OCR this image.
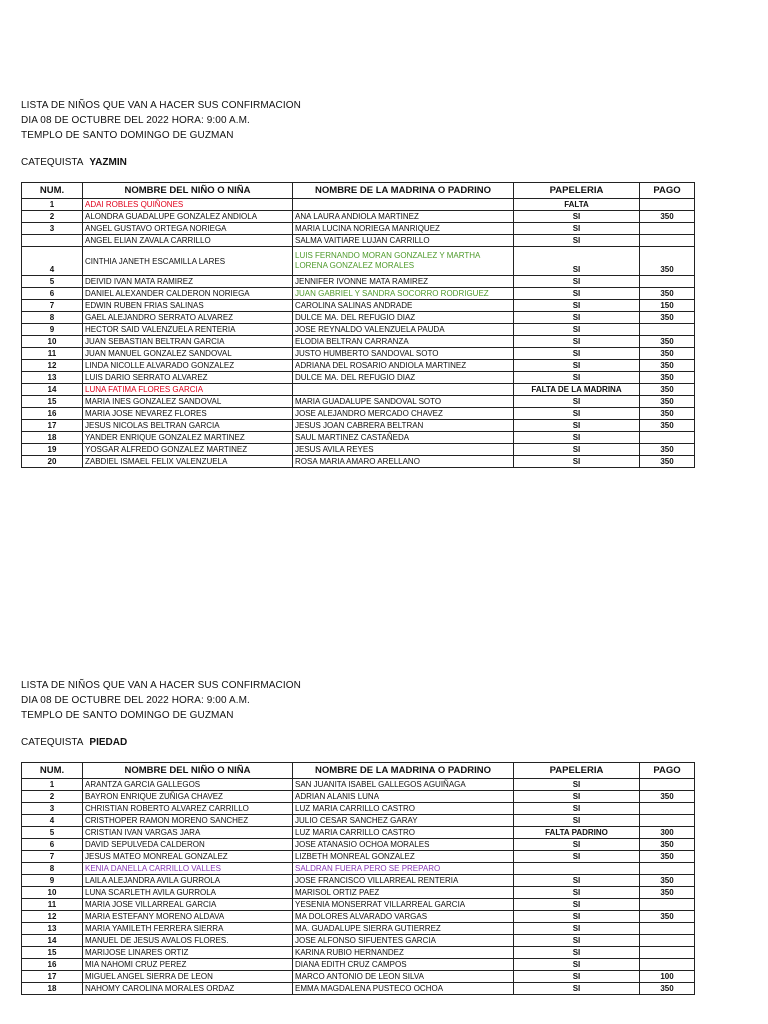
LISTA DE NIÑOS QUE VAN A HACER SUS CONFIRMACION
DIA 08 DE OCTUBRE DEL 2022 HORA: 9:00 A.M.
TEMPLO DE SANTO DOMINGO DE GUZMAN
CATEQUISTA YAZMIN
NUM.	NOMBRE DEL NIÑO O NIÑA	NOMBRE DE LA MADRINA O PADRINO	PAPELERIA	PAGO
1	ADAI ROBLES QUIÑONES		FALTA	
2	ALONDRA GUADALUPE GONZALEZ ANDIOLA	ANA LAURA ANDIOLA MARTINEZ	SI	350
3	ANGEL GUSTAVO ORTEGA NORIEGA	MARIA LUCINA NORIEGA MANRIQUEZ	SI	
	ANGEL ELIAN ZAVALA CARRILLO	SALMA VAITIARE LUJAN CARRILLO	SI	
4	CINTHIA JANETH ESCAMILLA LARES	LUIS FERNANDO MORAN GONZALEZ Y MARTHA LORENA GONZALEZ MORALES	SI	350
5	DEIVID IVAN MATA RAMIREZ	JENNIFER IVONNE MATA RAMIREZ	SI	
6	DANIEL ALEXANDER CALDERON NORIEGA	JUAN GABRIEL Y SANDRA SOCORRO RODRIGUEZ	SI	350
7	EDWIN RUBEN FRIAS SALINAS	CAROLINA SALINAS ANDRADE	SI	150
8	GAEL ALEJANDRO SERRATO ALVAREZ	DULCE MA. DEL REFUGIO DIAZ	SI	350
9	HECTOR SAID VALENZUELA RENTERIA	JOSE REYNALDO VALENZUELA PAUDA	SI	
10	JUAN SEBASTIAN BELTRAN GARCIA	ELODIA BELTRAN CARRANZA	SI	350
11	JUAN MANUEL GONZALEZ SANDOVAL	JUSTO HUMBERTO SANDOVAL SOTO	SI	350
12	LINDA NICOLLE ALVARADO GONZALEZ	ADRIANA DEL ROSARIO ANDIOLA MARTINEZ	SI	350
13	LUIS DARIO SERRATO ALVAREZ	DULCE MA. DEL REFUGIO DIAZ	SI	350
14	LUNA FATIMA FLORES GARCIA		FALTA DE LA MADRINA	350
15	MARIA INES GONZALEZ SANDOVAL	MARIA GUADALUPE SANDOVAL SOTO	SI	350
16	MARIA JOSE NEVAREZ FLORES	JOSE ALEJANDRO MERCADO CHAVEZ	SI	350
17	JESUS NICOLAS BELTRAN GARCIA	JESUS JOAN CABRERA BELTRAN	SI	350
18	YANDER ENRIQUE GONZALEZ MARTINEZ	SAUL MARTINEZ CASTAÑEDA	SI	
19	YOSGAR ALFREDO GONZALEZ MARTINEZ	JESUS AVILA REYES	SI	350
20	ZABDIEL ISMAEL FELIX VALENZUELA	ROSA MARIA AMARO ARELLANO	SI	350
LISTA DE NIÑOS QUE VAN A HACER SUS CONFIRMACION
DIA 08 DE OCTUBRE DEL 2022 HORA: 9:00 A.M.
TEMPLO DE SANTO DOMINGO DE GUZMAN
CATEQUISTA PIEDAD
NUM.	NOMBRE DEL NIÑO O NIÑA	NOMBRE DE LA MADRINA O PADRINO	PAPELERIA	PAGO
1	ARANTZA GARCIA GALLEGOS	SAN JUANITA ISABEL GALLEGOS AGUIÑAGA	SI	
2	BAYRON ENRIQUE ZUÑIGA CHAVEZ	ADRIAN ALANIS LUNA	SI	350
3	CHRISTIAN ROBERTO ALVAREZ CARRILLO	LUZ MARIA CARRILLO CASTRO	SI	
4	CRISTHOPER RAMON MORENO SANCHEZ	JULIO CESAR SANCHEZ GARAY	SI	
5	CRISTIAN IVAN VARGAS JARA	LUZ MARIA CARRILLO CASTRO	FALTA PADRINO	300
6	DAVID SEPULVEDA CALDERON	JOSE ATANASIO OCHOA MORALES	SI	350
7	JESUS MATEO MONREAL GONZALEZ	LIZBETH MONREAL GONZALEZ	SI	350
8	KENIA DANELLA CARRILLO VALLES	SALDRAN FUERA PERO SE PREPARO		
9	LAILA ALEJANDRA AVILA GURROLA	JOSE FRANCISCO VILLARREAL RENTERIA	SI	350
10	LUNA SCARLETH AVILA GURROLA	MARISOL ORTIZ PAEZ	SI	350
11	MARIA JOSE VILLARREAL GARCIA	YESENIA MONSERRAT VILLARREAL GARCIA	SI	
12	MARIA ESTEFANY MORENO ALDAVA	MA DOLORES ALVARADO VARGAS	SI	350
13	MARIA YAMILETH FERRERA SIERRA	MA. GUADALUPE SIERRA GUTIERREZ	SI	
14	MANUEL DE JESUS AVALOS FLORES.	JOSE ALFONSO SIFUENTES GARCIA	SI	
15	MARIJOSE LINARES ORTIZ	KARINA RUBIO HERNANDEZ	SI	
16	MIA NAHOMI CRUZ PEREZ	DIANA EDITH CRUZ CAMPOS	SI	
17	MIGUEL ANGEL SIERRA DE LEON	MARCO ANTONIO DE LEON SILVA	SI	100
18	NAHOMY CAROLINA MORALES ORDAZ	EMMA MAGDALENA PUSTECO OCHOA	SI	350
